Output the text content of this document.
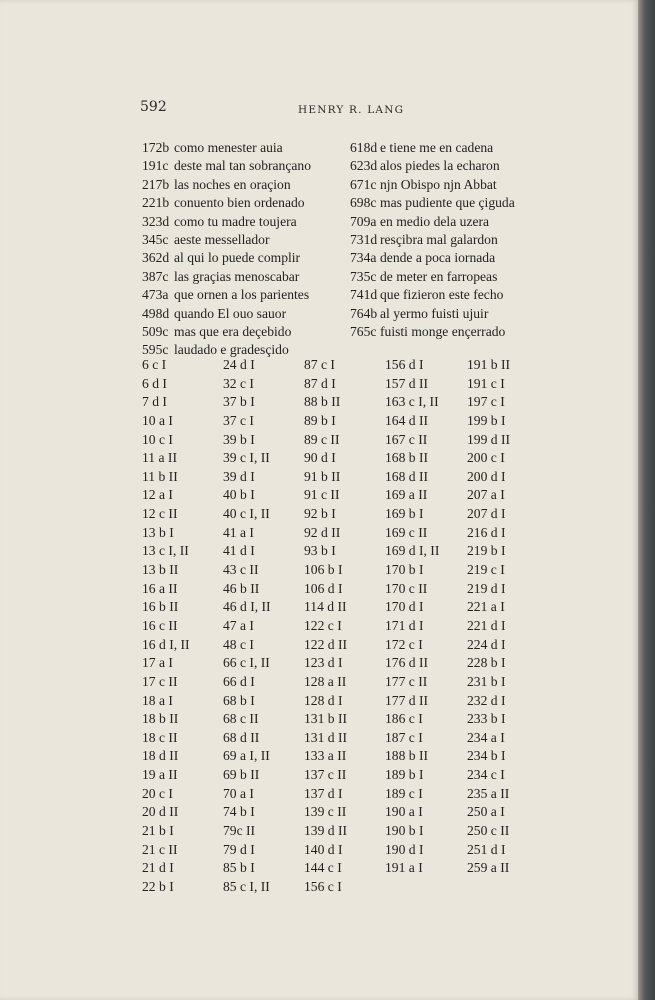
592	HENRY R. LANG
172b como menester auia
191c deste mal tan sobrançano
217b las noches en oraçion
221b conuento bien ordenado
323d como tu madre toujera
345c aeste messellador
362d al qui lo puede complir
387c las graçias menoscabar
473a que ornen a los parientes
498d quando El ouo sauor
509c mas que era deçebido
595c laudado e gradesçido
618d e tiene me en cadena
623d alos piedes la echaron
671c njn Obispo njn Abbat
698c mas pudiente que çiguda
709a en medio dela uzera
731d resçibra mal galardon
734a dende a poca iornada
735c de meter en farropeas
741d que fizieron este fecho
764b al yermo fuisti ujuir
765c fuisti monge ençerrado
6 c I
6 d I
7 d I
10 a I
10 c I
11 a II
11 b II
12 a I
12 c II
13 b I
13 c I, II
13 b II
16 a II
16 b II
16 c II
16 d I, II
17 a I
17 c II
18 a I
18 b II
18 c II
18 d II
19 a II
20 c I
20 d II
21 b I
21 c II
21 d I
22 b I
24 d I
32 c I
37 b I
37 c I
39 b I
39 c I, II
39 d I
40 b I
40 c I, II
41 a I
41 d I
43 c II
46 b II
46 d I, II
47 a I
48 c I
66 c I, II
66 d I
68 b I
68 c II
68 d II
69 a I, II
69 b II
70 a I
74 b I
79c II
79 d I
85 b I
85 c I, II
87 c I
87 d I
88 b II
89 b I
89 c II
90 d I
91 b II
91 c II
92 b I
92 d II
93 b I
106 b I
106 d I
114 d II
122 c I
122 d II
123 d I
128 a II
128 d I
131 b II
131 d II
133 a II
137 c II
137 d I
139 c II
139 d II
140 d I
144 c I
156 c I
156 d I
157 d II
163 c I, II
164 d II
167 c II
168 b II
168 d II
169 a II
169 b I
169 c II
169 d I, II
170 b I
170 c II
170 d I
171 d I
172 c I
176 d II
177 c II
177 d II
186 c I
187 c I
188 b II
189 b I
189 c I
190 a I
190 b I
190 d I
191 a I
191 b II
191 c I
197 c I
199 b I
199 d II
200 c I
200 d I
207 a I
207 d I
216 d I
219 b I
219 c I
219 d I
221 a I
221 d I
224 d I
228 b I
231 b I
232 d I
233 b I
234 a I
234 b I
234 c I
235 a II
250 a I
250 c II
251 d I
259 a II
